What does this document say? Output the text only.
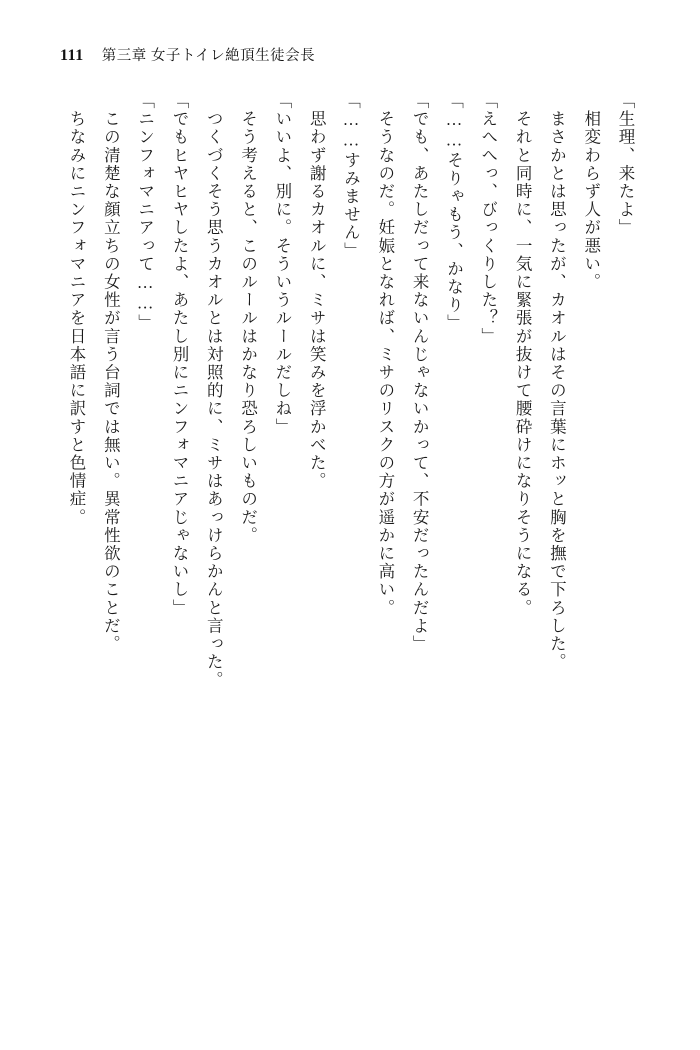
111 第三章 女子トイレ絶頂生徒会長

「生理、来たよ」

　相変わらず人が悪い。

　まさかとは思ったが、カオルはその言葉にホッと胸を撫で下ろした。

　それと同時に、一気に緊張が抜けて腰砕けになりそうになる。

「えへへっ、びっくりした？」

「……そりゃもう、かなり」

「でも、あたしだって来ないんじゃないかって、不安だったんだよ」

　そうなのだ。妊娠となれば、ミサのリスクの方が遥かに高い。

「……すみません」

　思わず謝るカオルに、ミサは笑みを浮かべた。

「いいよ、別に。そういうルールだしね」

　そう考えると、このルールはかなり恐ろしいものだ。

　つくづくそう思うカオルとは対照的に、ミサはあっけらかんと言った。

「でもヒヤヒヤしたよ、あたし別にニンフォマニアじゃないし」

「ニンフォマニアって……」

　この清楚な顔立ちの女性が言う台詞では無い。異常性欲のことだ。

　ちなみにニンフォマニアを日本語に訳すと色情症。
